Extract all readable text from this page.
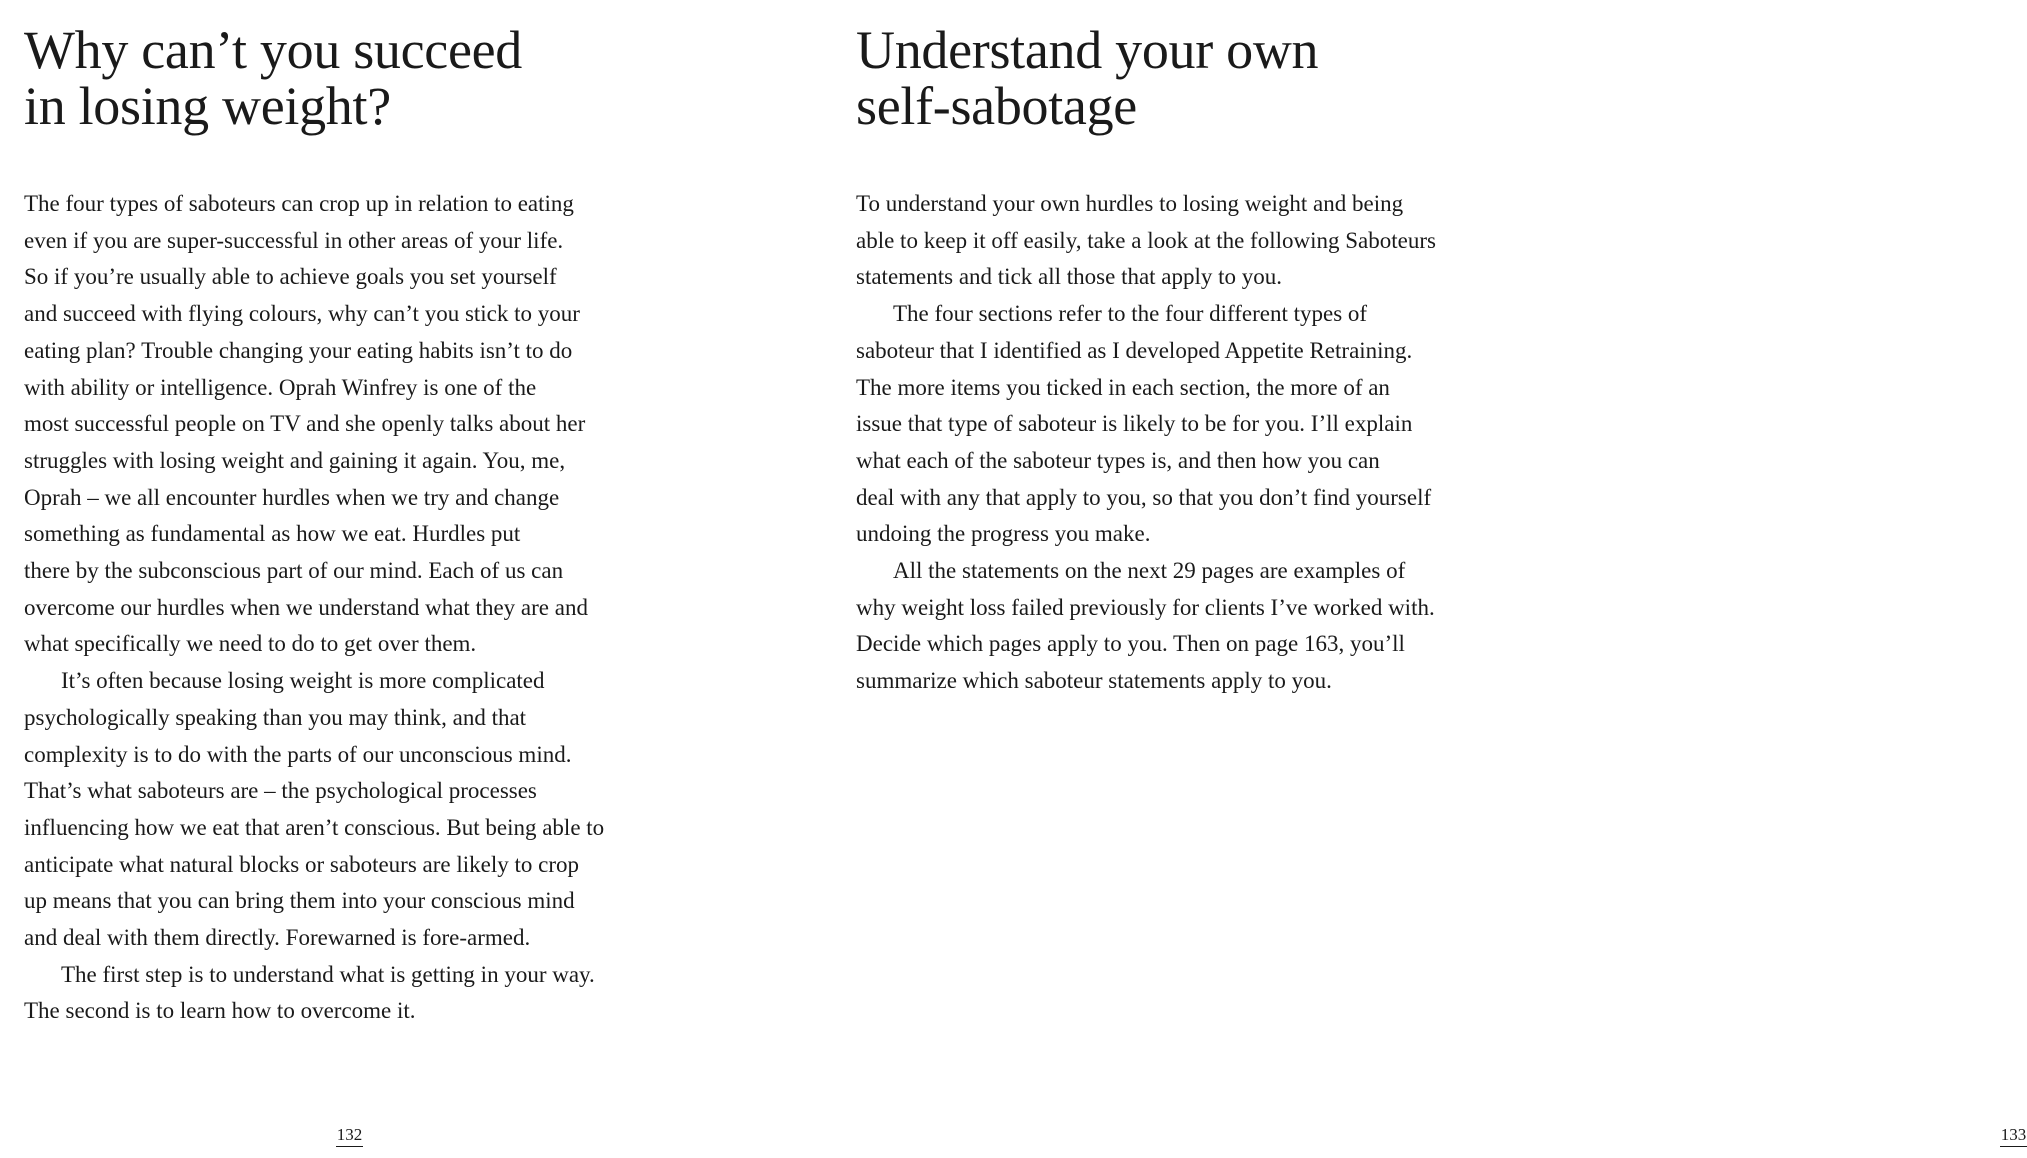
Why can’t you succeed
in losing weight?
The four types of saboteurs can crop up in relation to eating
even if you are super-successful in other areas of your life.
So if you’re usually able to achieve goals you set yourself
and succeed with flying colours, why can’t you stick to your
eating plan? Trouble changing your eating habits isn’t to do
with ability or intelligence. Oprah Winfrey is one of the
most successful people on TV and she openly talks about her
struggles with losing weight and gaining it again. You, me,
Oprah – we all encounter hurdles when we try and change
something as fundamental as how we eat. Hurdles put
there by the subconscious part of our mind. Each of us can
overcome our hurdles when we understand what they are and
what specifically we need to do to get over them.
It’s often because losing weight is more complicated
psychologically speaking than you may think, and that
complexity is to do with the parts of our unconscious mind.
That’s what saboteurs are – the psychological processes
influencing how we eat that aren’t conscious. But being able to
anticipate what natural blocks or saboteurs are likely to crop
up means that you can bring them into your conscious mind
and deal with them directly. Forewarned is fore-armed.
The first step is to understand what is getting in your way.
The second is to learn how to overcome it.
132
Understand your own
self-sabotage
To understand your own hurdles to losing weight and being
able to keep it off easily, take a look at the following Saboteurs
statements and tick all those that apply to you.
The four sections refer to the four different types of
saboteur that I identified as I developed Appetite Retraining.
The more items you ticked in each section, the more of an
issue that type of saboteur is likely to be for you. I’ll explain
what each of the saboteur types is, and then how you can
deal with any that apply to you, so that you don’t find yourself
undoing the progress you make.
All the statements on the next 29 pages are examples of
why weight loss failed previously for clients I’ve worked with.
Decide which pages apply to you. Then on page 163, you’ll
summarize which saboteur statements apply to you.
133
